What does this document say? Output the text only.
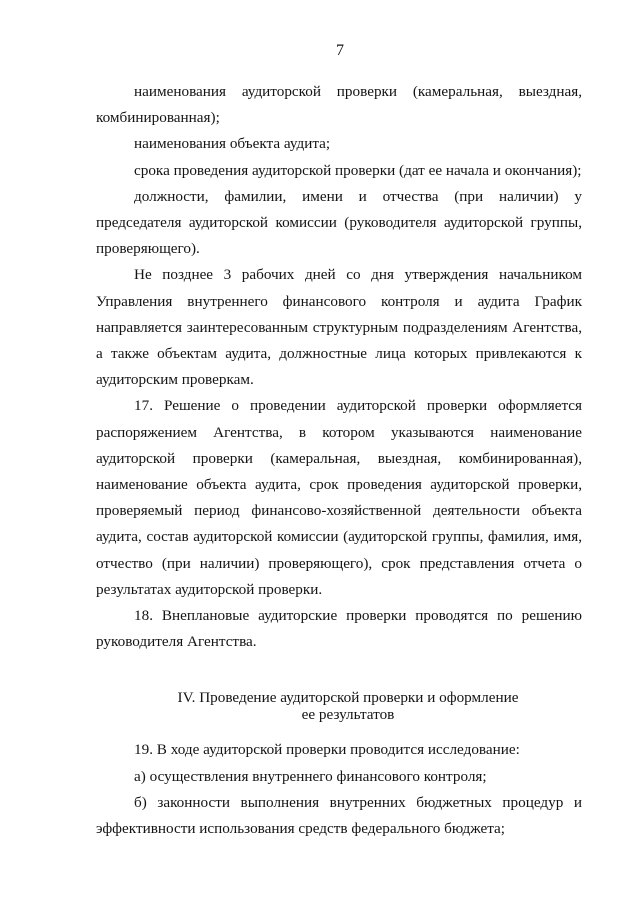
7

наименования аудиторской проверки (камеральная, выездная, комбинированная);

наименования объекта аудита;

срока проведения аудиторской проверки (дат ее начала и окончания);

должности, фамилии, имени и отчества (при наличии) у председателя аудиторской комиссии (руководителя аудиторской группы, проверяющего).

Не позднее 3 рабочих дней со дня утверждения начальником Управления внутреннего финансового контроля и аудита График направляется заинтересованным структурным подразделениям Агентства, а также объектам аудита, должностные лица которых привлекаются к аудиторским проверкам.

17. Решение о проведении аудиторской проверки оформляется распоряжением Агентства, в котором указываются наименование аудиторской проверки (камеральная, выездная, комбинированная), наименование объекта аудита, срок проведения аудиторской проверки, проверяемый период финансово-хозяйственной деятельности объекта аудита, состав аудиторской комиссии (аудиторской группы, фамилия, имя, отчество (при наличии) проверяющего), срок представления отчета о результатах аудиторской проверки.

18. Внеплановые аудиторские проверки проводятся по решению руководителя Агентства.

IV. Проведение аудиторской проверки и оформление
ее результатов

19. В ходе аудиторской проверки проводится исследование:

а) осуществления внутреннего финансового контроля;

б) законности выполнения внутренних бюджетных процедур и эффективности использования средств федерального бюджета;
